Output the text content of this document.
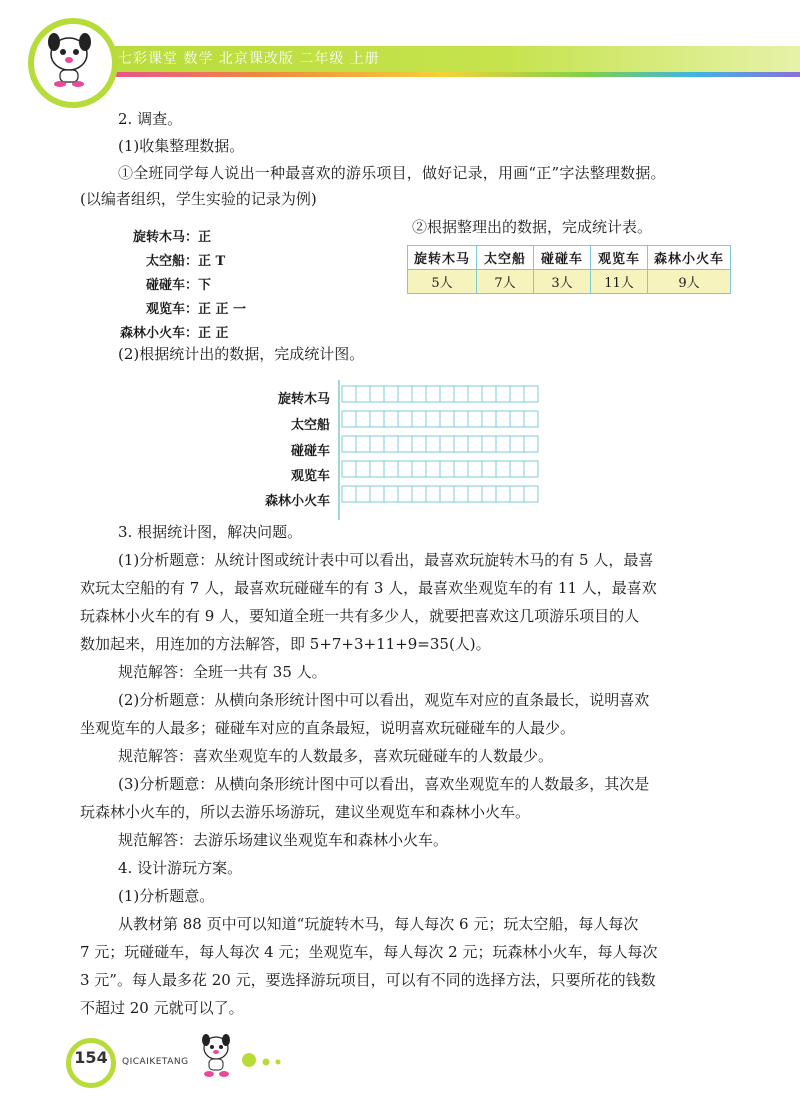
七彩课堂 数学 北京课改版 二年级 上册
2. 调查。
(1)收集整理数据。
①全班同学每人说出一种最喜欢的游乐项目，做好记录，用画“正”字法整理数据。
(以编者组织，学生实验的记录为例)
旋转木马：正
太空船：正 T
碰碰车：下
观览车：正 正 一
森林小火车：正 正
②根据整理出的数据，完成统计表。
旋转木马	太空船	碰碰车	观览车	森林小火车
5人	7人	3人	11人	9人
(2)根据统计出的数据，完成统计图。
旋转木马
太空船
碰碰车
观览车
森林小火车
3. 根据统计图，解决问题。
(1)分析题意：从统计图或统计表中可以看出，最喜欢玩旋转木马的有 5 人，最喜
欢玩太空船的有 7 人，最喜欢玩碰碰车的有 3 人，最喜欢坐观览车的有 11 人，最喜欢
玩森林小火车的有 9 人，要知道全班一共有多少人，就要把喜欢这几项游乐项目的人
数加起来，用连加的方法解答，即 5+7+3+11+9=35(人)。
规范解答：全班一共有 35 人。
(2)分析题意：从横向条形统计图中可以看出，观览车对应的直条最长，说明喜欢
坐观览车的人最多；碰碰车对应的直条最短，说明喜欢玩碰碰车的人最少。
规范解答：喜欢坐观览车的人数最多，喜欢玩碰碰车的人数最少。
(3)分析题意：从横向条形统计图中可以看出，喜欢坐观览车的人数最多，其次是
玩森林小火车的，所以去游乐场游玩，建议坐观览车和森林小火车。
规范解答：去游乐场建议坐观览车和森林小火车。
4. 设计游玩方案。
(1)分析题意。
从教材第 88 页中可以知道“玩旋转木马，每人每次 6 元；玩太空船，每人每次
7 元；玩碰碰车，每人每次 4 元；坐观览车，每人每次 2 元；玩森林小火车，每人每次
3 元”。每人最多花 20 元，要选择游玩项目，可以有不同的选择方法，只要所花的钱数
不超过 20 元就可以了。
154	QICAIKETANG
